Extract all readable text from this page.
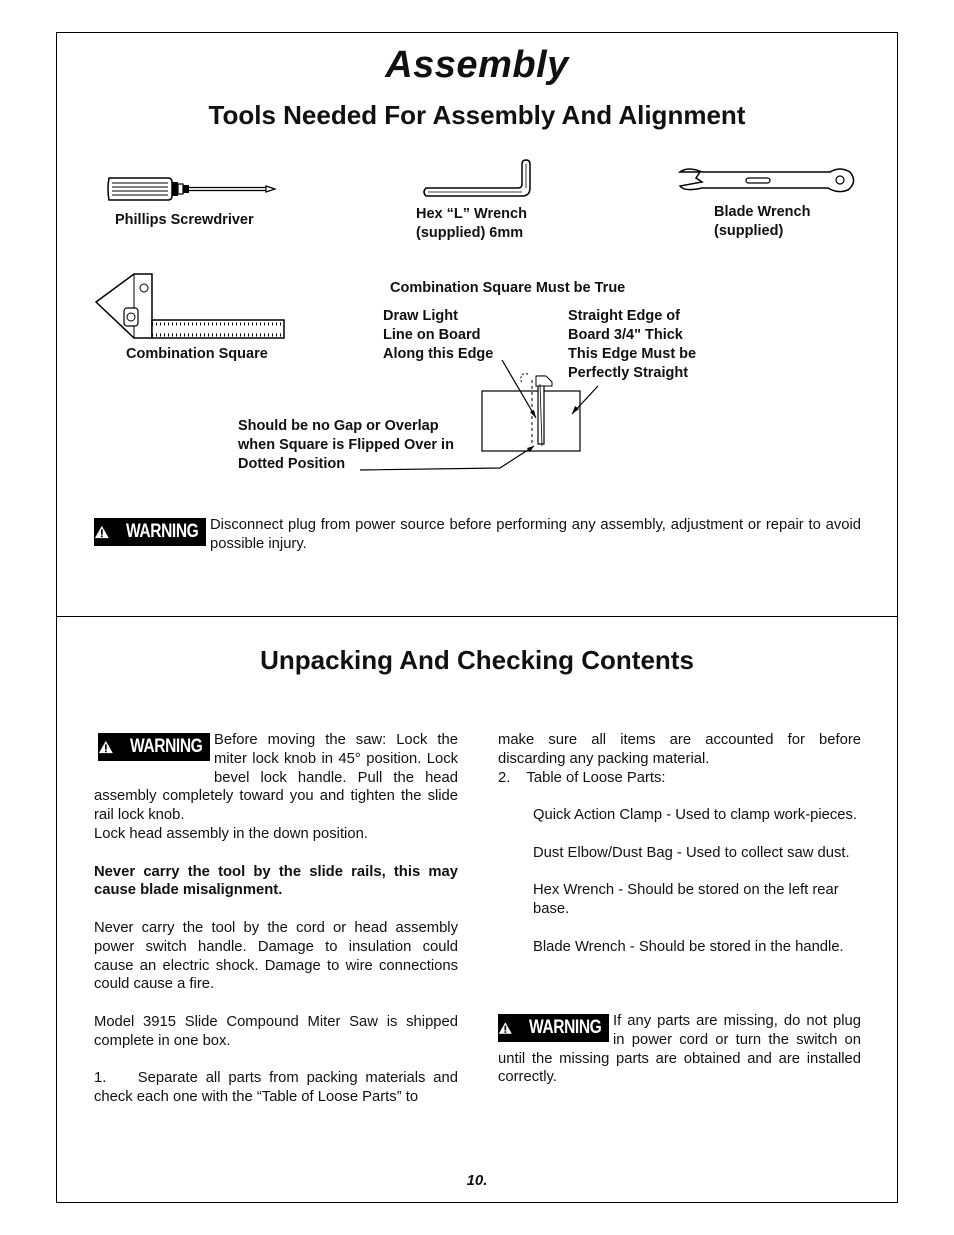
Assembly
Tools Needed For Assembly And Alignment
Phillips Screwdriver	Hex “L” Wrench
(supplied) 6mm
Blade Wrench
(supplied)
Combination Square
Combination Square Must be True
Draw Light
Line on Board
Along this Edge
Straight Edge of
Board 3/4" Thick
This Edge Must be
Perfectly Straight
Should be no Gap or Overlap
when Square is Flipped Over in
Dotted Position
WARNING Disconnect plug from power source before performing any assembly, adjustment or repair to avoid possible injury.
Unpacking And Checking Contents
WARNING Before moving the saw: Lock the miter lock knob in 45° position. Lock bevel lock handle. Pull the head assembly completely toward you and tighten the slide rail lock knob.
Lock head assembly in the down position.
Never carry the tool by the slide rails, this may cause blade misalignment.
Never carry the tool by the cord or head assembly power switch handle. Damage to insulation could cause an electric shock. Damage to wire connections could cause a fire.
Model 3915 Slide Compound Miter Saw is shipped complete in one box.
1.    Separate all parts from packing materials and check each one with the “Table of Loose Parts” to
make sure all items are accounted for before discarding any packing material.
2.    Table of Loose Parts:
Quick Action Clamp - Used to clamp work-pieces.
Dust Elbow/Dust Bag - Used to collect saw dust.
Hex Wrench - Should be stored on the left rear base.
Blade Wrench - Should be stored in the handle.
WARNING If any parts are missing, do not plug in power cord or turn the switch on until the missing parts are obtained and are installed correctly.
10.
